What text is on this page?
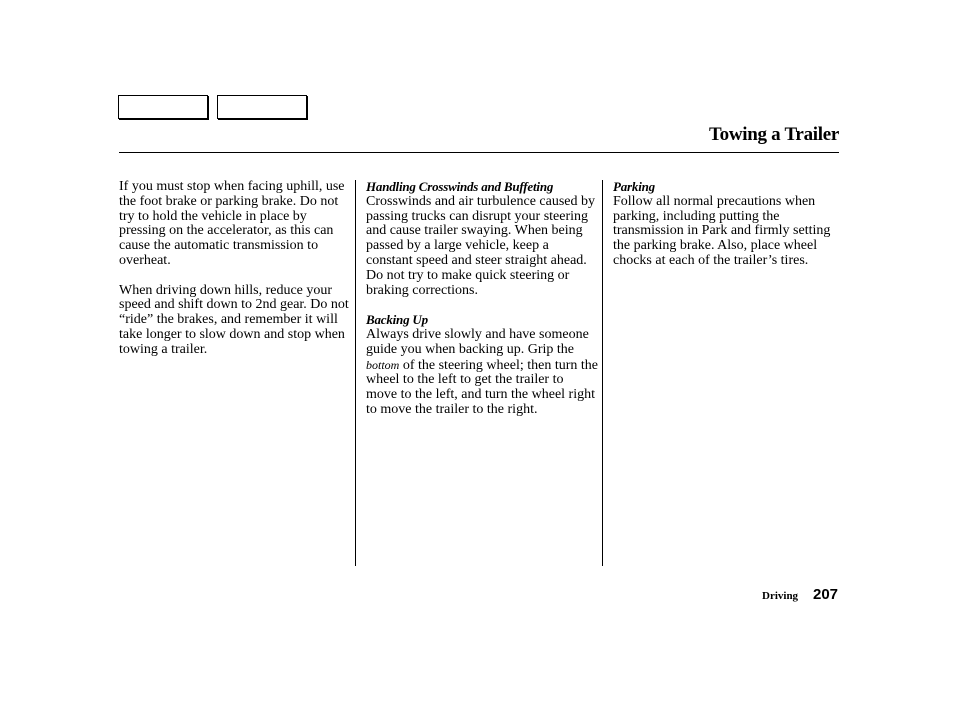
Towing a Trailer

If you must stop when facing uphill, use the foot brake or parking brake. Do not try to hold the vehicle in place by pressing on the accelerator, as this can cause the automatic transmission to overheat.

When driving down hills, reduce your speed and shift down to 2nd gear. Do not “ride” the brakes, and remember it will take longer to slow down and stop when towing a trailer.

Handling Crosswinds and Buffeting
Crosswinds and air turbulence caused by passing trucks can disrupt your steering and cause trailer swaying. When being passed by a large vehicle, keep a constant speed and steer straight ahead. Do not try to make quick steering or braking corrections.

Backing Up
Always drive slowly and have someone guide you when backing up. Grip the bottom of the steering wheel; then turn the wheel to the left to get the trailer to move to the left, and turn the wheel right to move the trailer to the right.

Parking
Follow all normal precautions when parking, including putting the transmission in Park and firmly setting the parking brake. Also, place wheel chocks at each of the trailer’s tires.

Driving 207
